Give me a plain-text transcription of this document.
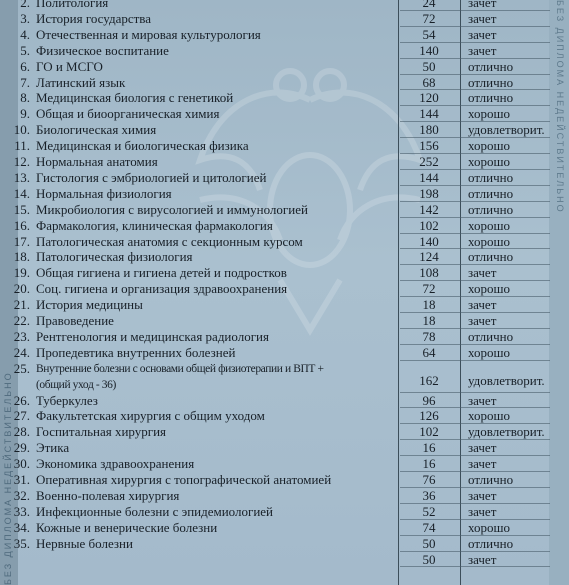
БЕЗ ДИПЛОМА НЕДЕЙСТВИТЕЛЬНО
БЕЗ ДИПЛОМА НЕДЕЙСТВИТЕЛЬНО
2. Политология	24	зачет
3. История государства	72	зачет
4. Отечественная и мировая культурология	54	зачет
5. Физическое воспитание	140	зачет
6. ГО и МСГО	50	отлично
7. Латинский язык	68	отлично
8. Медицинская биология с генетикой	120	отлично
9. Общая и биоорганическая химия	144	хорошо
10. Биологическая химия	180	удовлетворит.
11. Медицинская и биологическая физика	156	хорошо
12. Нормальная анатомия	252	хорошо
13. Гистология с эмбриологией и цитологией	144	отлично
14. Нормальная физиология	198	отлично
15. Микробиология с вирусологией и иммунологией	142	отлично
16. Фармакология, клиническая фармакология	102	хорошо
17. Патологическая анатомия с секционным курсом	140	хорошо
18. Патологическая физиология	124	отлично
19. Общая гигиена и гигиена детей и подростков	108	зачет
20. Соц. гигиена и организация здравоохранения	72	хорошо
21. История медицины	18	зачет
22. Правоведение	18	зачет
23. Рентгенология и медицинская радиология	78	отлично
24. Пропедевтика внутренних болезней	64	хорошо
25. Внутренние болезни с основами общей физиотерапии и ВПТ +
(общий уход - 36)	162	удовлетворит.
26. Туберкулез	96	зачет
27. Факультетская хирургия с общим уходом	126	хорошо
28. Госпитальная хирургия	102	удовлетворит.
29. Этика	16	зачет
30. Экономика здравоохранения	16	зачет
31. Оперативная хирургия с топографической анатомией	76	отлично
32. Военно-полевая хирургия	36	зачет
33. Инфекционные болезни с эпидемиологией	52	зачет
34. Кожные и венерические болезни	74	хорошо
35. Нервные болезни	50	отлично
50	зачет
